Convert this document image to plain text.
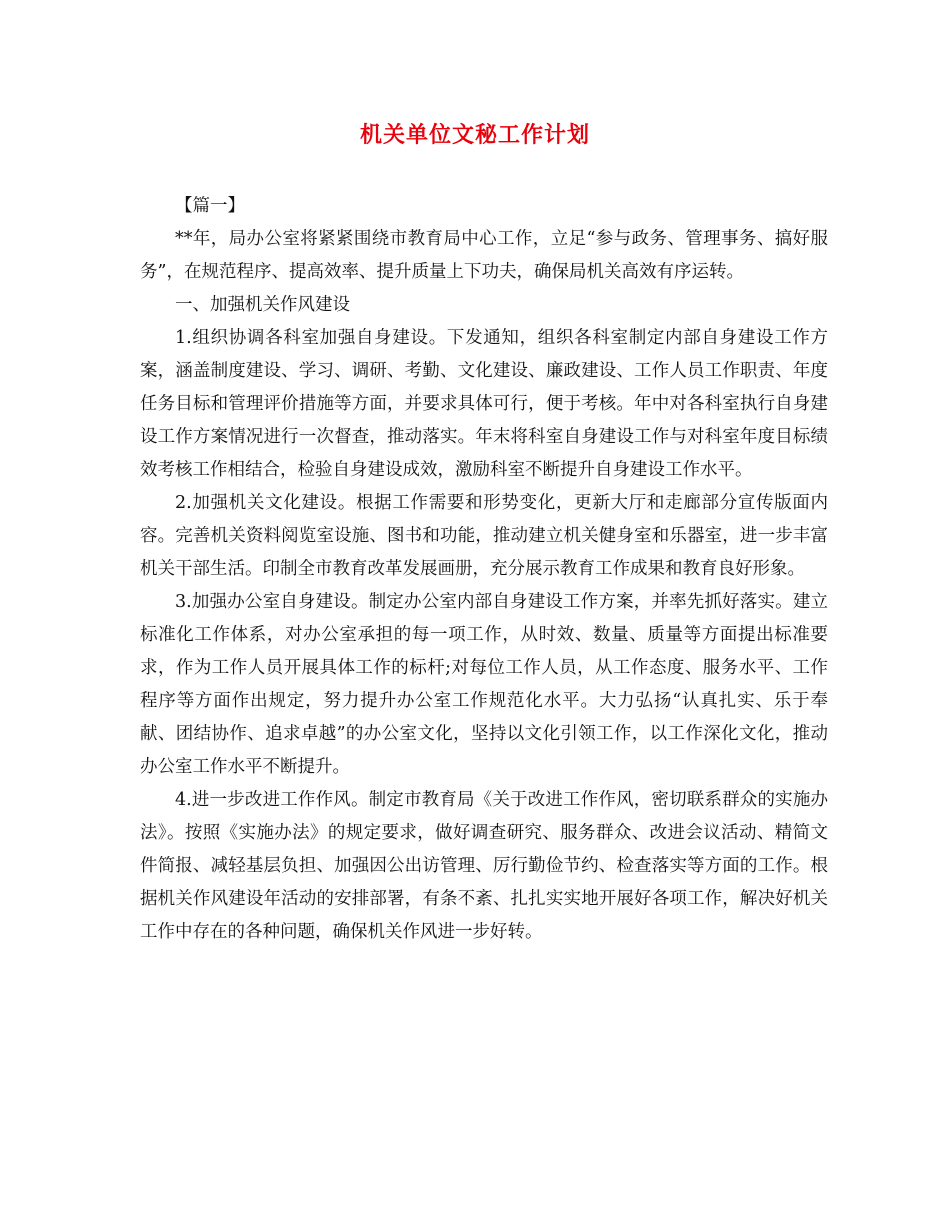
机关单位文秘工作计划

【篇一】

**年，局办公室将紧紧围绕市教育局中心工作，立足“参与政务、管理事务、搞好服务”，在规范程序、提高效率、提升质量上下功夫，确保局机关高效有序运转。

一、加强机关作风建设

1.组织协调各科室加强自身建设。下发通知，组织各科室制定内部自身建设工作方案，涵盖制度建设、学习、调研、考勤、文化建设、廉政建设、工作人员工作职责、年度任务目标和管理评价措施等方面，并要求具体可行，便于考核。年中对各科室执行自身建设工作方案情况进行一次督查，推动落实。年末将科室自身建设工作与对科室年度目标绩效考核工作相结合，检验自身建设成效，激励科室不断提升自身建设工作水平。

2.加强机关文化建设。根据工作需要和形势变化，更新大厅和走廊部分宣传版面内容。完善机关资料阅览室设施、图书和功能，推动建立机关健身室和乐器室，进一步丰富机关干部生活。印制全市教育改革发展画册，充分展示教育工作成果和教育良好形象。

3.加强办公室自身建设。制定办公室内部自身建设工作方案，并率先抓好落实。建立标准化工作体系，对办公室承担的每一项工作，从时效、数量、质量等方面提出标准要求，作为工作人员开展具体工作的标杆;对每位工作人员，从工作态度、服务水平、工作程序等方面作出规定，努力提升办公室工作规范化水平。大力弘扬“认真扎实、乐于奉献、团结协作、追求卓越”的办公室文化，坚持以文化引领工作，以工作深化文化，推动办公室工作水平不断提升。

4.进一步改进工作作风。制定市教育局《关于改进工作作风，密切联系群众的实施办法》。按照《实施办法》的规定要求，做好调查研究、服务群众、改进会议活动、精简文件简报、减轻基层负担、加强因公出访管理、厉行勤俭节约、检查落实等方面的工作。根据机关作风建设年活动的安排部署，有条不紊、扎扎实实地开展好各项工作，解决好机关工作中存在的各种问题，确保机关作风进一步好转。
